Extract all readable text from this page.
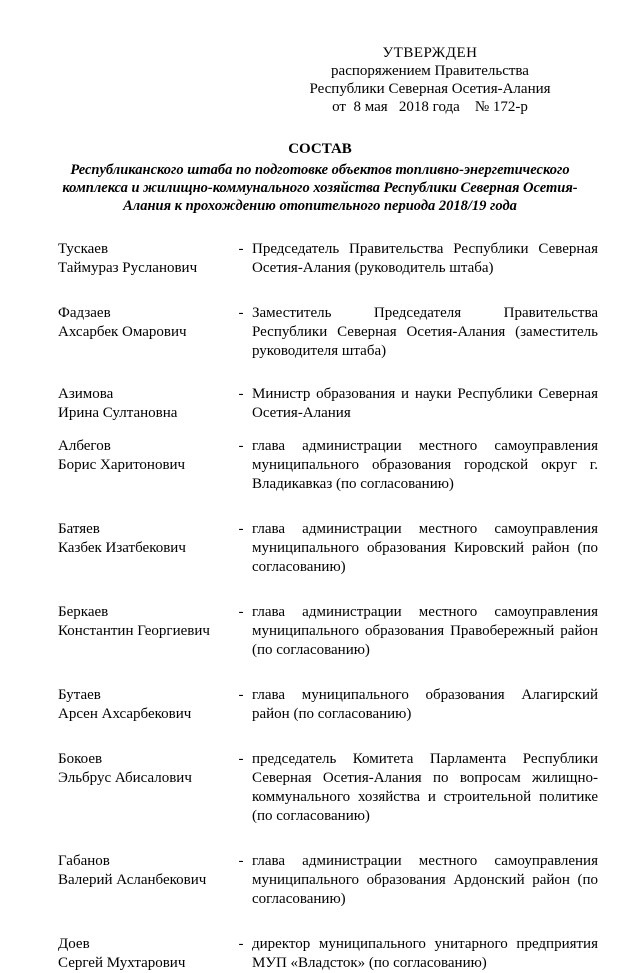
УТВЕРЖДЕН
распоряжением Правительства
Республики Северная Осетия-Алания
от  8 мая   2018 года    № 172-р
СОСТАВ
Республиканского штаба по подготовке объектов топливно-энергетического комплекса и жилищно-коммунального хозяйства Республики Северная Осетия-Алания к прохождению отопительного периода 2018/19 года
Тускаев
Таймураз Русланович
- Председатель Правительства Республики Северная Осетия-Алания (руководитель штаба)
Фадзаев
Ахсарбек Омарович
- Заместитель Председателя Правительства Республики Северная Осетия-Алания (заместитель руководителя штаба)
Азимова
Ирина Султановна
- Министр образования и науки Республики Северная Осетия-Алания
Албегов
Борис Харитонович
- глава администрации местного самоуправления муниципального образования городской округ г. Владикавказ (по согласованию)
Батяев
Казбек Изатбекович
- глава администрации местного самоуправления муниципального образования Кировский район (по согласованию)
Беркаев
Константин Георгиевич
- глава администрации местного самоуправления муниципального образования Правобережный район (по согласованию)
Бутаев
Арсен Ахсарбекович
- глава муниципального образования Алагирский район (по согласованию)
Бокоев
Эльбрус Абисалович
- председатель Комитета Парламента Республики Северная Осетия-Алания по вопросам жилищно-коммунального хозяйства и строительной политике (по согласованию)
Габанов
Валерий Асланбекович
- глава администрации местного самоуправления муниципального образования Ардонский район (по согласованию)
Доев
Сергей Мухтарович
- директор муниципального унитарного предприятия МУП «Владсток» (по согласованию)
